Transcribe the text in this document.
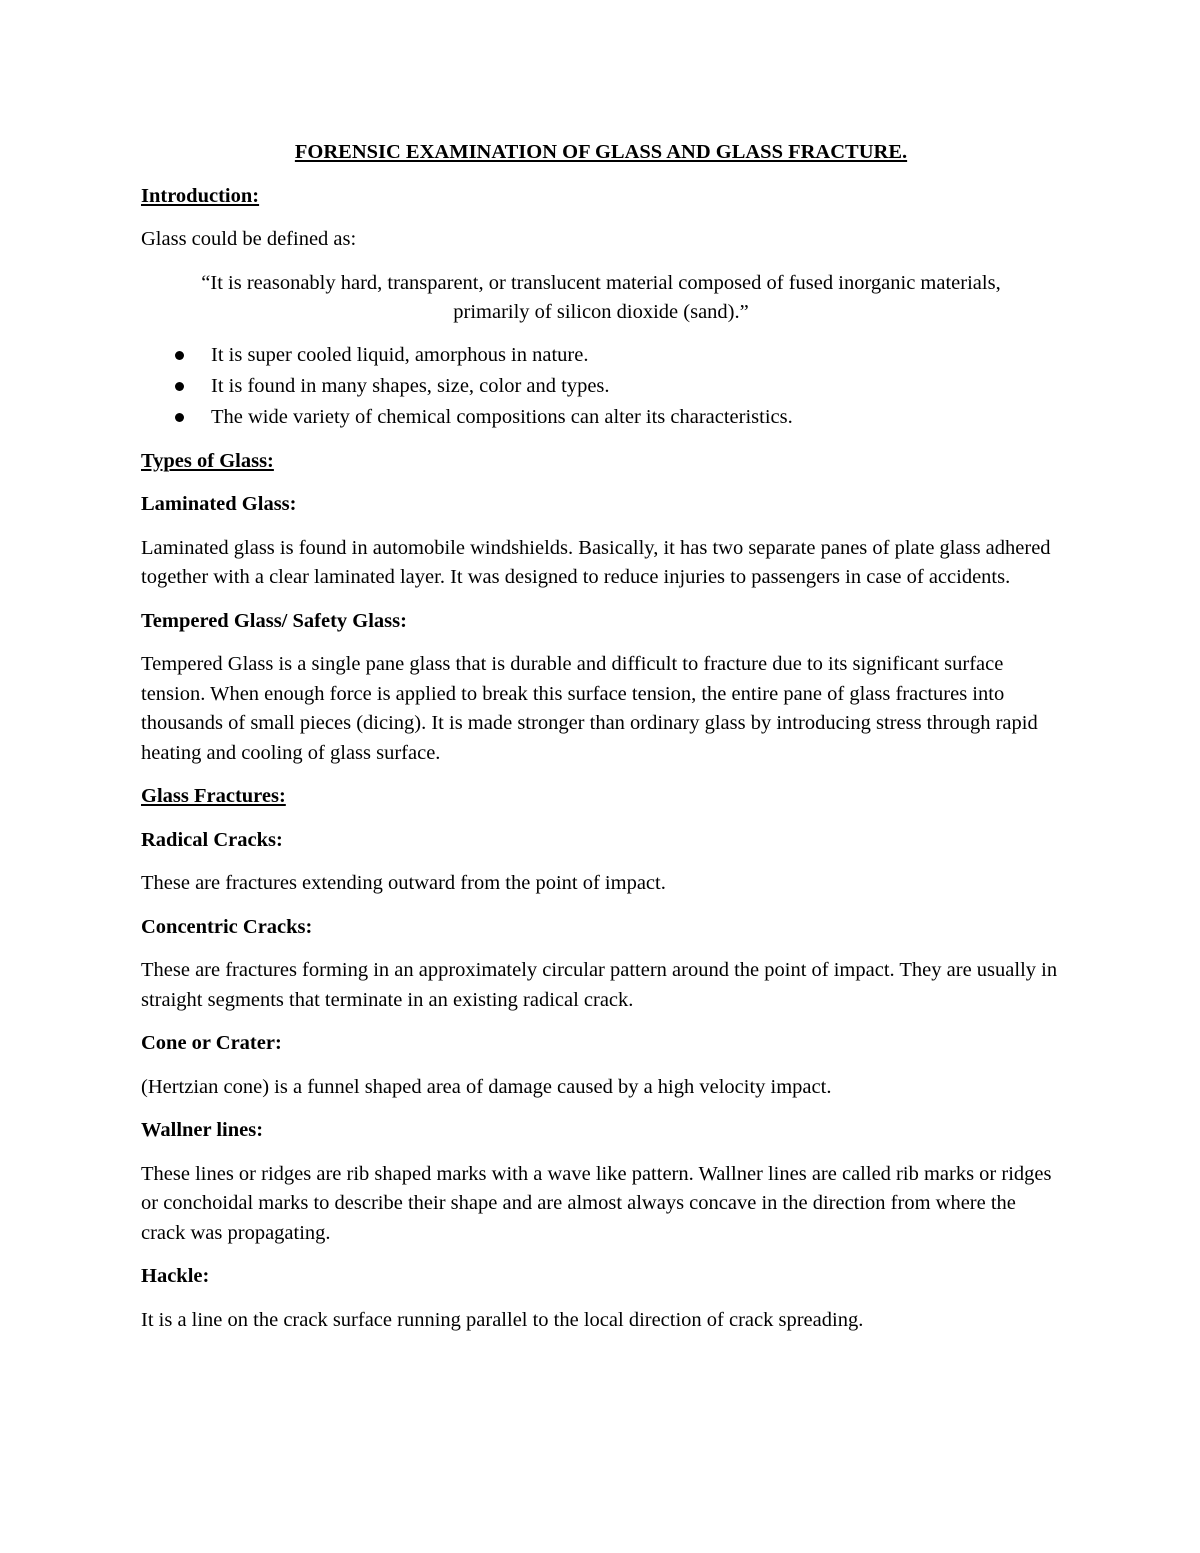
FORENSIC EXAMINATION OF GLASS AND GLASS FRACTURE.
Introduction:

Glass could be defined as:

“It is reasonably hard, transparent, or translucent material composed of fused inorganic materials, primarily of silicon dioxide (sand).”

It is super cooled liquid, amorphous in nature.
It is found in many shapes, size, color and types.
The wide variety of chemical compositions can alter its characteristics.
Types of Glass:
Laminated Glass:

Laminated glass is found in automobile windshields. Basically, it has two separate panes of plate glass adhered together with a clear laminated layer. It was designed to reduce injuries to passengers in case of accidents.

Tempered Glass/ Safety Glass:

Tempered Glass is a single pane glass that is durable and difficult to fracture due to its significant surface tension. When enough force is applied to break this surface tension, the entire pane of glass fractures into thousands of small pieces (dicing). It is made stronger than ordinary glass by introducing stress through rapid heating and cooling of glass surface.

Glass Fractures:
Radical Cracks:

These are fractures extending outward from the point of impact.

Concentric Cracks:

These are fractures forming in an approximately circular pattern around the point of impact. They are usually in straight segments that terminate in an existing radical crack.

Cone or Crater:

(Hertzian cone) is a funnel shaped area of damage caused by a high velocity impact.

Wallner lines:

These lines or ridges are rib shaped marks with a wave like pattern. Wallner lines are called rib marks or ridges or conchoidal marks to describe their shape and are almost always concave in the direction from where the crack was propagating.

Hackle:

It is a line on the crack surface running parallel to the local direction of crack spreading.
